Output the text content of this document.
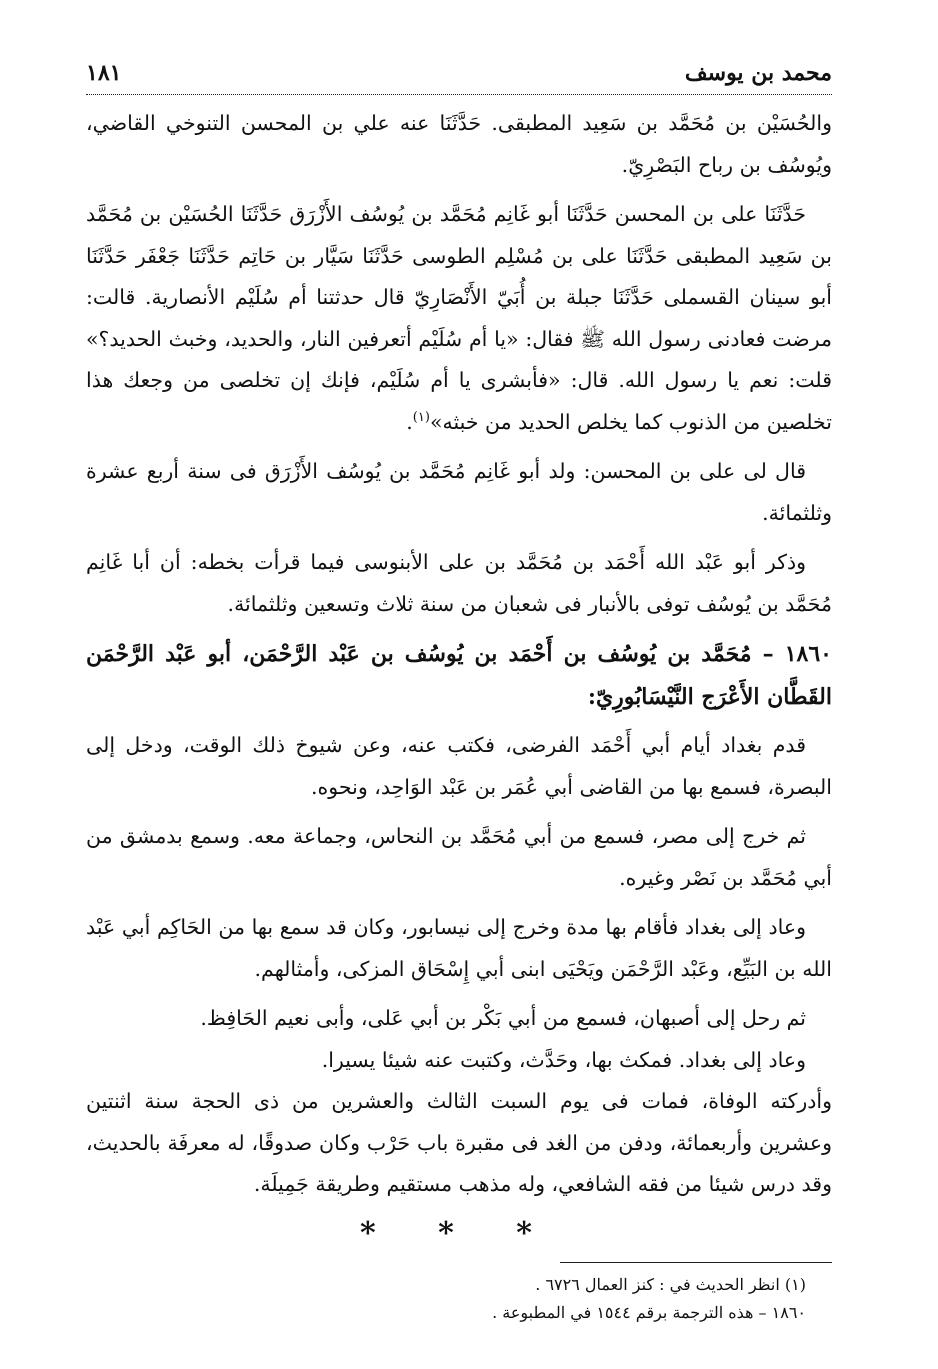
محمد بن يوسف
١٨١

والحُسَيْن بن مُحَمَّد بن سَعِيد المطبقى. حَدَّثَنَا عنه علي بن المحسن التنوخي القاضي، ويُوسُف بن رباح البَصْرِيّ.

حَدَّثَنَا على بن المحسن حَدَّثَنَا أبو غَانِم مُحَمَّد بن يُوسُف الأَزْرَق حَدَّثَنَا الحُسَيْن بن مُحَمَّد بن سَعِيد المطبقى حَدَّثَنَا على بن مُسْلِم الطوسى حَدَّثَنَا سَيَّار بن حَاتِم حَدَّثَنَا جَعْفَر حَدَّثَنَا أبو سينان القسملى حَدَّثَنَا جبلة بن أُبَيّ الأَنْصَارِيّ قال حدثتنا أم سُلَيْم الأنصارية. قالت: مرضت فعادنى رسول الله ﷺ فقال: «يا أم سُلَيْم أتعرفين النار، والحديد، وخبث الحديد؟» قلت: نعم يا رسول الله. قال: «فأبشرى يا أم سُلَيْم، فإنك إن تخلصى من وجعك هذا تخلصين من الذنوب كما يخلص الحديد من خبثه»$^{(١)}$.

قال لى على بن المحسن: ولد أبو غَانِم مُحَمَّد بن يُوسُف الأَزْرَق فى سنة أربع عشرة وثلثمائة.

وذكر أبو عَبْد الله أَحْمَد بن مُحَمَّد بن على الأبنوسى فيما قرأت بخطه: أن أبا غَانِم مُحَمَّد بن يُوسُف توفى بالأنبار فى شعبان من سنة ثلاث وتسعين وثلثمائة.

١٨٦٠ – مُحَمَّد بن يُوسُف بن أَحْمَد بن يُوسُف بن عَبْد الرَّحْمَن، أبو عَبْد الرَّحْمَن القَطَّان الأَعْرَج النَّيْسَابُورِيّ:

قدم بغداد أيام أبي أَحْمَد الفرضى، فكتب عنه، وعن شيوخ ذلك الوقت، ودخل إلى البصرة، فسمع بها من القاضى أبي عُمَر بن عَبْد الوَاحِد، ونحوه.

ثم خرج إلى مصر، فسمع من أبي مُحَمَّد بن النحاس، وجماعة معه. وسمع بدمشق من أبي مُحَمَّد بن نَصْر وغيره.

وعاد إلى بغداد فأقام بها مدة وخرج إلى نيسابور، وكان قد سمع بها من الحَاكِم أبي عَبْد الله بن البَيِّع، وعَبْد الرَّحْمَن ويَحْيَى ابنى أبي إِسْحَاق المزكى، وأمثالهم.

ثم رحل إلى أصبهان، فسمع من أبي بَكْر بن أبي عَلى، وأبى نعيم الحَافِظ.

وعاد إلى بغداد. فمكث بها، وحَدَّث، وكتبت عنه شيئا يسيرا.

وأدركته الوفاة، فمات فى يوم السبت الثالث والعشرين من ذى الحجة سنة اثنتين وعشرين وأربعمائة، ودفن من الغد فى مقبرة باب حَرْب وكان صدوقًا، له معرفَة بالحديث، وقد درس شيئا من فقه الشافعي، وله مذهب مستقيم وطريقة جَمِيلَة.

* * *

(١) انظر الحديث في : كنز العمال ٦٧٢٦ .

١٨٦٠ – هذه الترجمة برقم ١٥٤٤ في المطبوعة .
